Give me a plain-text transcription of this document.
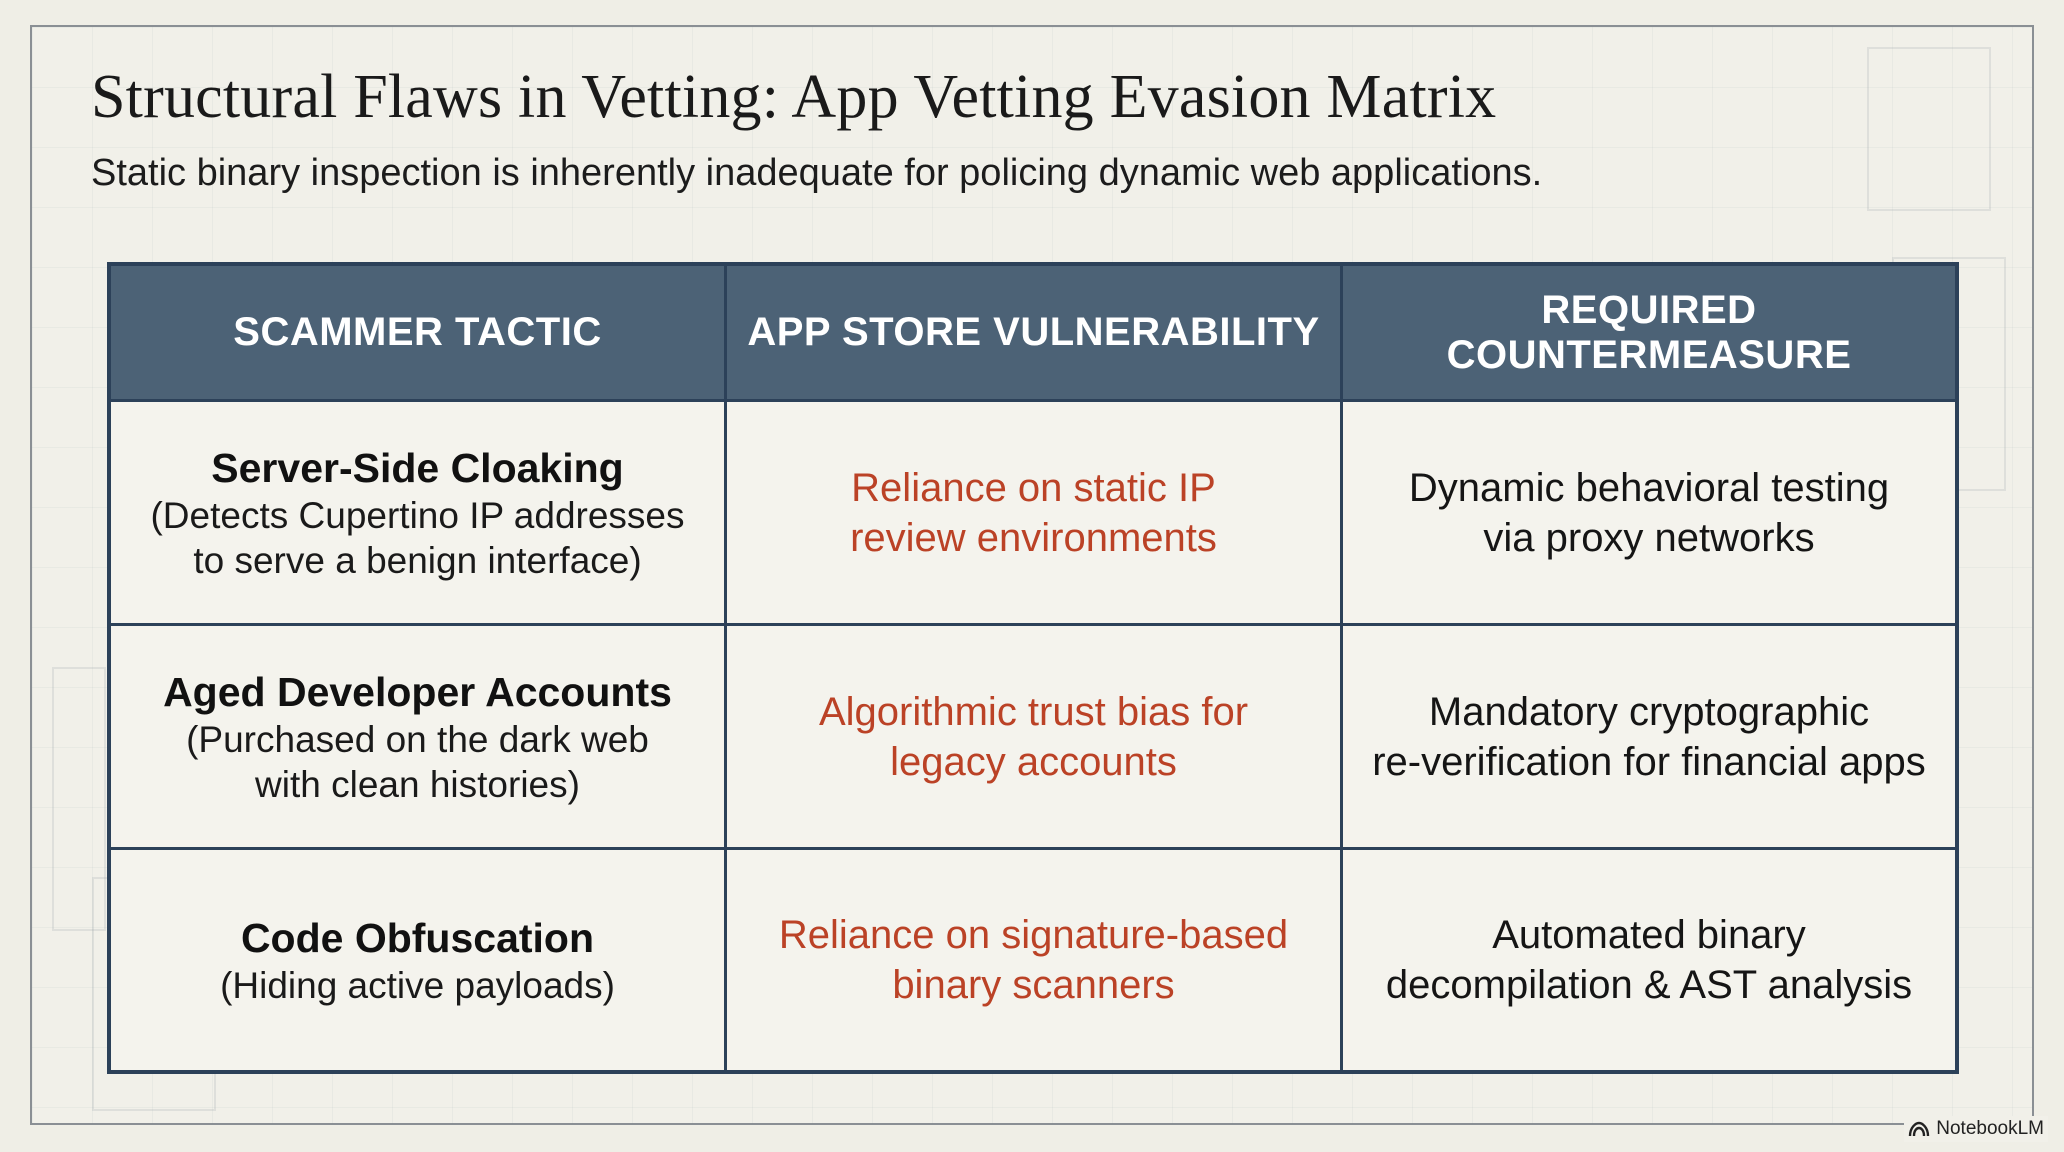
Structural Flaws in Vetting: App Vetting Evasion Matrix
Static binary inspection is inherently inadequate for policing dynamic web applications.
SCAMMER TACTIC	APP STORE VULNERABILITY
REQUIRED COUNTERMEASURE
Server-Side Cloaking
(Detects Cupertino IP addresses
to serve a benign interface)
Reliance on static IP
review environments
Dynamic behavioral testing
via proxy networks
Aged Developer Accounts
(Purchased on the dark web
with clean histories)
Algorithmic trust bias for
legacy accounts
Mandatory cryptographic
re-verification for financial apps
Code Obfuscation
(Hiding active payloads)
Reliance on signature-based
binary scanners
Automated binary
decompilation & AST analysis
NotebookLM
